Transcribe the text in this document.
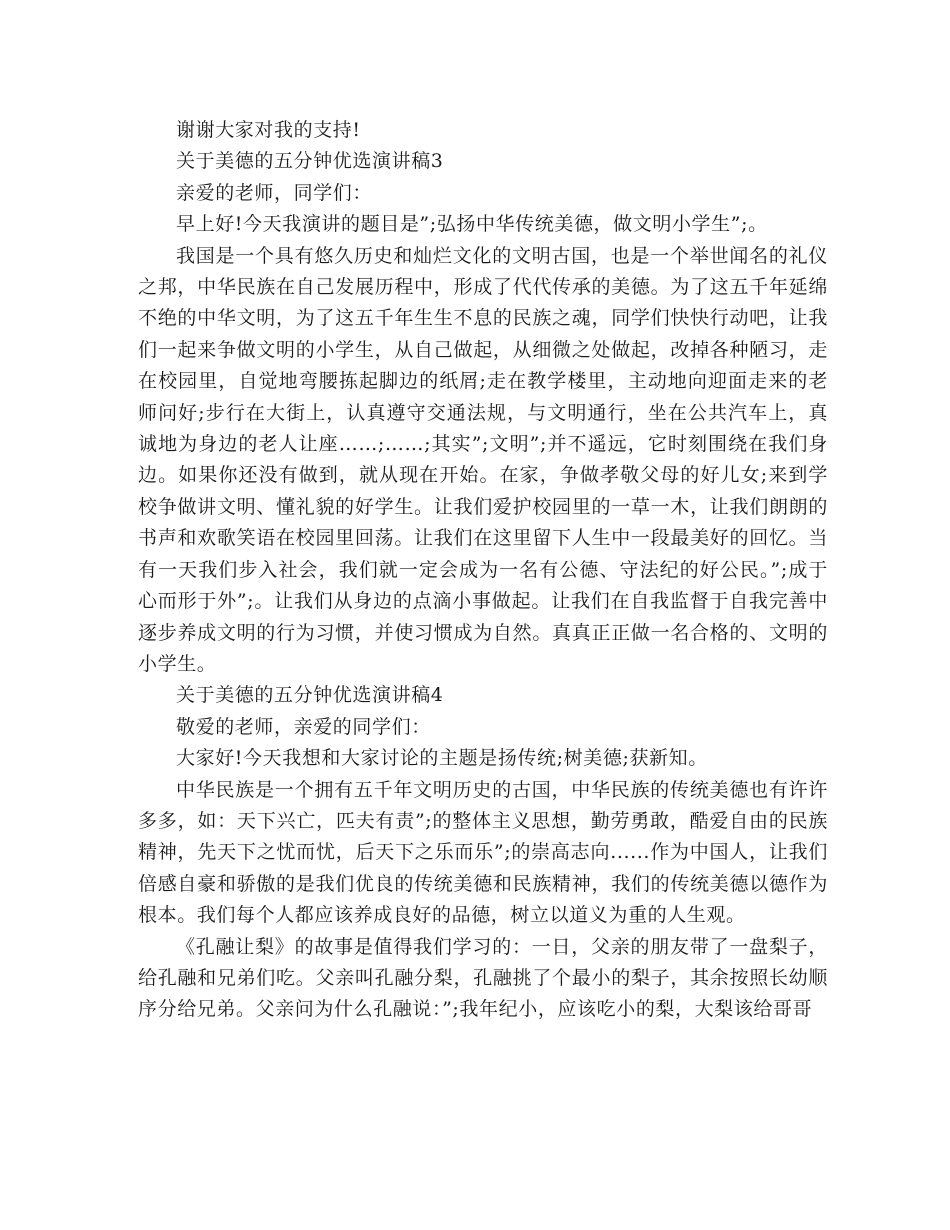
谢谢大家对我的支持!

关于美德的五分钟优选演讲稿3

亲爱的老师，同学们：

早上好!今天我演讲的题目是”;弘扬中华传统美德，做文明小学生”;。

我国是一个具有悠久历史和灿烂文化的文明古国，也是一个举世闻名的礼仪之邦，中华民族在自己发展历程中，形成了代代传承的美德。为了这五千年延绵不绝的中华文明，为了这五千年生生不息的民族之魂，同学们快快行动吧，让我们一起来争做文明的小学生，从自己做起，从细微之处做起，改掉各种陋习，走在校园里，自觉地弯腰拣起脚边的纸屑;走在教学楼里，主动地向迎面走来的老师问好;步行在大街上，认真遵守交通法规，与文明通行，坐在公共汽车上，真诚地为身边的老人让座……;……;其实”;文明”;并不遥远，它时刻围绕在我们身边。如果你还没有做到，就从现在开始。在家，争做孝敬父母的好儿女;来到学校争做讲文明、懂礼貌的好学生。让我们爱护校园里的一草一木，让我们朗朗的书声和欢歌笑语在校园里回荡。让我们在这里留下人生中一段最美好的回忆。当有一天我们步入社会，我们就一定会成为一名有公德、守法纪的好公民。”;成于心而形于外”;。让我们从身边的点滴小事做起。让我们在自我监督于自我完善中逐步养成文明的行为习惯，并使习惯成为自然。真真正正做一名合格的、文明的小学生。

关于美德的五分钟优选演讲稿4

敬爱的老师，亲爱的同学们：

大家好!今天我想和大家讨论的主题是扬传统;树美德;获新知。

中华民族是一个拥有五千年文明历史的古国，中华民族的传统美德也有许许多多，如：天下兴亡，匹夫有责”;的整体主义思想，勤劳勇敢，酷爱自由的民族精神，先天下之忧而忧，后天下之乐而乐”;的崇高志向......作为中国人，让我们倍感自豪和骄傲的是我们优良的传统美德和民族精神，我们的传统美德以德作为根本。我们每个人都应该养成良好的品德，树立以道义为重的人生观。

《孔融让梨》的故事是值得我们学习的：一日，父亲的朋友带了一盘梨子，给孔融和兄弟们吃。父亲叫孔融分梨，孔融挑了个最小的梨子，其余按照长幼顺序分给兄弟。父亲问为什么孔融说：”;我年纪小，应该吃小的梨，大梨该给哥哥
